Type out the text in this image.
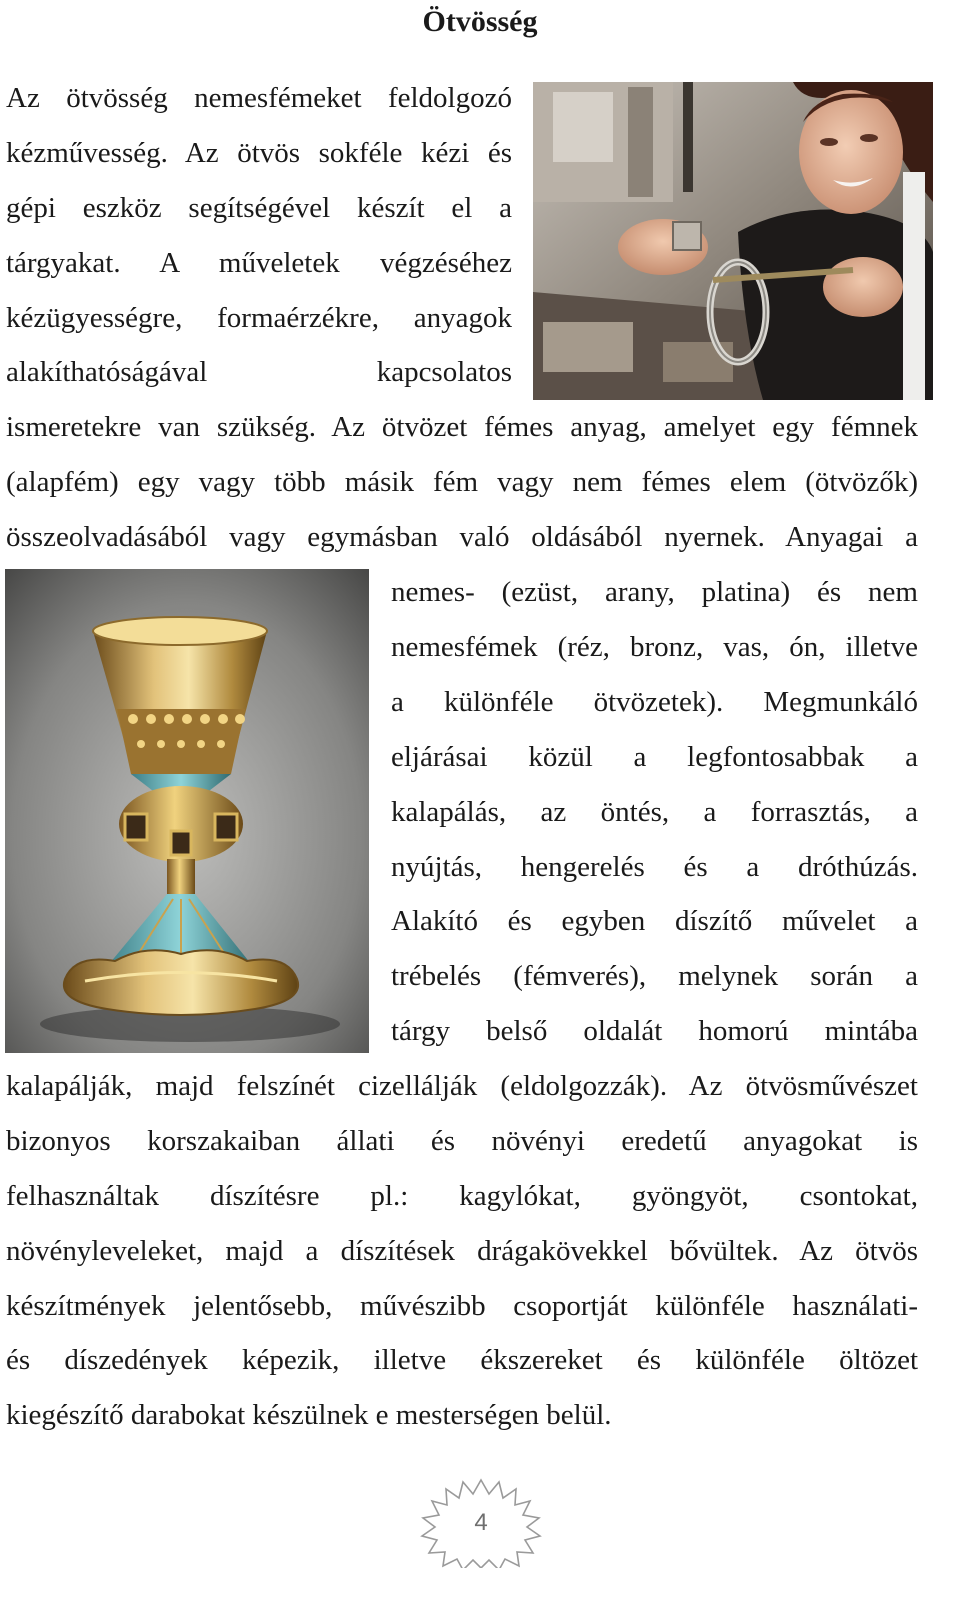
Ötvösség
Az ötvösség nemesfémeket feldolgozó
kézművesség. Az ötvös sokféle kézi és
gépi eszköz segítségével készít el a
tárgyakat. A műveletek végzéséhez
kézügyességre, formaérzékre, anyagok
alakíthatóságával kapcsolatos
ismeretekre van szükség. Az ötvözet fémes anyag, amelyet egy fémnek
(alapfém) egy vagy több másik fém vagy nem fémes elem (ötvözők)
összeolvadásából vagy egymásban való oldásából nyernek. Anyagai a
nemes- (ezüst, arany, platina) és nem
nemesfémek (réz, bronz, vas, ón, illetve
a különféle ötvözetek). Megmunkáló
eljárásai közül a legfontosabbak a
kalapálás, az öntés, a forrasztás, a
nyújtás, hengerelés és a dróthúzás.
Alakító és egyben díszítő művelet a
trébelés (fémverés), melynek során a
tárgy belső oldalát homorú mintába
kalapálják, majd felszínét cizellálják (eldolgozzák). Az ötvösművészet
bizonyos korszakaiban állati és növényi eredetű anyagokat is
felhasználtak díszítésre pl.: kagylókat, gyöngyöt, csontokat,
növényleveleket, majd a díszítések drágakövekkel bővültek. Az ötvös
készítmények jelentősebb, művészibb csoportját különféle használati-
és díszedények képezik, illetve ékszereket és különféle öltözet
kiegészítő darabokat készülnek e mesterségen belül.
4
